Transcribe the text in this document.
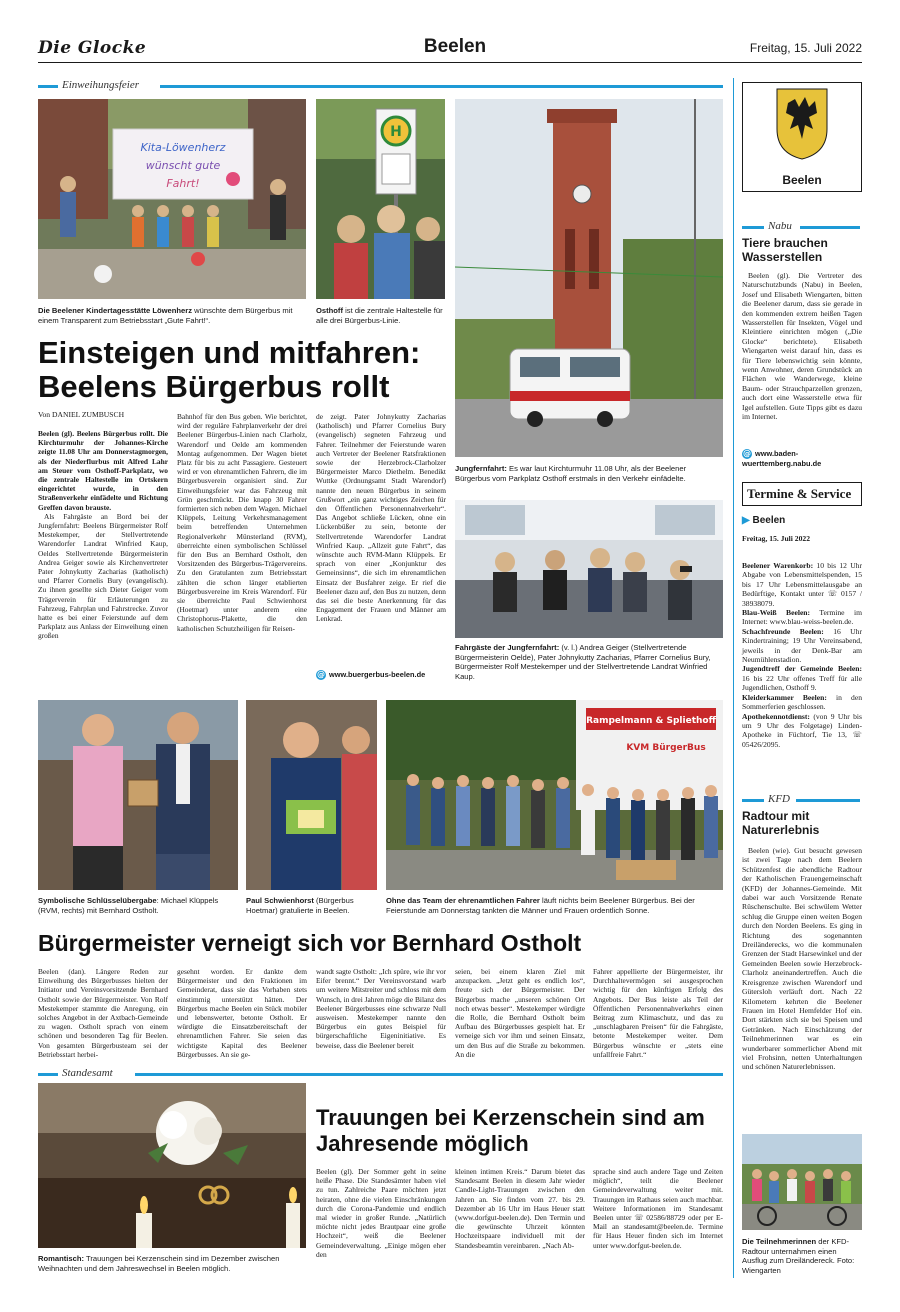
Die Glocke	Beelen	Freitag, 15. Juli 2022
Einweihungsfeier
Kita-Löwenherz
wünscht gute
Fahrt!
Die Beelener Kindertagesstätte Löwenherz wünschte dem Bürgerbus mit einem Transparent zum Betriebsstart „Gute Fahrt!“.
H
Osthoff ist die zentrale Haltestelle für alle drei Bürgerbus-Linie.
Jungfernfahrt: Es war laut Kirchturmuhr 11.08 Uhr, als der Beelener Bürgerbus vom Parkplatz Osthoff erstmals in den Verkehr einfädelte.
Fahrgäste der Jungfernfahrt: (v. l.) Andrea Geiger (Stellvertretende Bürgermeisterin Oelde), Pater Johnykutty Zacharias, Pfarrer Cornelius Bury, Bürgermeister Rolf Mestekemper und der Stellvertretende Landrat Winfried Kaup.
Einsteigen und mitfahren: Beelens Bürgerbus rollt
Von DANIEL ZUMBUSCH

Beelen (gl). Beelens Bürgerbus rollt. Die Kirchturmuhr der Johannes-Kirche zeigte 11.08 Uhr am Donnerstagmorgen, als der Niederflurbus mit Alfred Lahr am Steuer vom Osthoff-Parkplatz, wo die zentrale Haltestelle im Ortskern eingerichtet wurde, in den Straßenverkehr einfädelte und Richtung Greffen davon brauste.

Als Fahrgäste an Bord bei der Jungfernfahrt: Beelens Bürgermeister Rolf Mestekemper, der Stellvertretende Warendorfer Landrat Winfried Kaup, Oeldes Stellvertretende Bürgermeisterin Andrea Geiger sowie als Kirchenvertreter Pater Johnykutty Zacharias (katholisch) und Pfarrer Cornelis Bury (evangelisch). Zu ihnen gesellte sich Dieter Geiger vom Trägerverein für Erläuterungen zu Fahrzeug, Fahrplan und Fahrstrecke. Zuvor hatte es bei einer Feierstunde auf dem Parkplatz aus Anlass der Einweihung einen großen

Bahnhof für den Bus geben. Wie berichtet, wird der reguläre Fahrplanverkehr der drei Beelener Bürgerbus-Linien nach Clarholz, Warendorf und Oelde am kommenden Montag aufgenommen. Der Wagen bietet Platz für bis zu acht Passagiere. Gesteuert wird er von ehrenamtlichen Fahrern, die im Bürgerbusverein organisiert sind. Zur Einweihungsfeier war das Fahrzeug mit Grün geschmückt. Die knapp 30 Fahrer formierten sich neben dem Wagen. Michael Klüppels, Leitung Verkehrsmanagement beim betreffenden Unternehmen Regionalverkehr Münsterland (RVM), überreichte einen symbolischen Schlüssel für den Bus an Bernhard Ostholt, den Vorsitzenden des Bürgerbus-Trägervereins. Zu den Gratulanten zum Betriebsstart zählten die schon länger etablierten Bürgerbusvereine im Kreis Warendorf. Für sie überreichte Paul Schwienhorst (Hoetmar) unter anderem eine Christophorus-Plakette, die den katholischen Schutzheiligen für Reisen-

de zeigt. Pater Johnykutty Zacharias (katholisch) und Pfarrer Cornelius Bury (evangelisch) segneten Fahrzeug und Fahrer. Teilnehmer der Feierstunde waren auch Vertreter der Beelener Ratsfraktionen sowie der Herzebrock-Clarholzer Bürgermeister Marco Diethelm. Benedikt Wuttke (Ordnungsamt Stadt Warendorf) nannte den neuen Bürgerbus in seinem Grußwort „ein ganz wichtiges Zeichen für den Öffentlichen Personennahverkehr“. Das Angebot schließe Lücken, ohne ein Lückenbüßer zu sein, betonte der Stellvertretende Warendorfer Landrat Winfried Kaup. „Allzeit gute Fahrt“, das wünschte auch RVM-Mann Klüppels. Er sprach von einer „Konjunktur des Gemeinsinns“, die sich im ehrenamtlichen Einsatz der Busfahrer zeige. Er rief die Beelener dazu auf, den Bus zu nutzen, denn das sei die beste Anerkennung für das Engagement der Frauen und Männer am Lenkrad.

@ www.buergerbus-beelen.de
Rampelmann & Spliethoff
KVM BürgerBus
Symbolische Schlüsselübergabe: Michael Klüppels (RVM, rechts) mit Bernhard Ostholt.
Paul Schwienhorst (Bürgerbus Hoetmar) gratulierte in Beelen.
Ohne das Team der ehrenamtlichen Fahrer läuft nichts beim Beelener Bürgerbus. Bei der Feierstunde am Donnerstag tankten die Männer und Frauen ordentlich Sonne.
Bürgermeister verneigt sich vor Bernhard Ostholt

Beelen (dan). Längere Reden zur Einweihung des Bürgerbusses hielten der Initiator und Vereinsvorsitzende Bernhard Ostholt sowie der Bürgermeister. Von Rolf Mestekemper stammte die Anregung, ein solches Angebot in der Axtbach-Gemeinde zu wagen. Ostholt sprach von einem schönen und besonderen Tag für Beelen. Von gesamten Bürgerbusteam sei der Betriebsstart herbei-

gesehnt worden. Er dankte dem Bürgermeister und den Fraktionen im Gemeinderat, dass sie das Vorhaben stets einstimmig unterstützt hätten. Der Bürgerbus mache Beelen ein Stück mobiler und lebenswerter, betonte Ostholt. Er würdigte die Einsatzbereitschaft der ehrenamtlichen Fahrer. Sie seien das wichtigste Kapital des Beelener Bürgerbusses. An sie ge-

wandt sagte Ostholt: „Ich spüre, wie ihr vor Eifer brennt.“ Der Vereinsvorstand warb um weitere Mitstreiter und schloss mit dem Wunsch, in drei Jahren möge die Bilanz des Beelener Bürgerbusses eine schwarze Null ausweisen. Mestekemper nannte den Bürgerbus ein gutes Beispiel für bürgerschaftliche Eigeninitiative. Es beweise, dass die Beelener bereit

seien, bei einem klaren Ziel mit anzupacken. „Jetzt geht es endlich los“, freute sich der Bürgermeister. Der Bürgerbus mache „unseren schönen Ort noch etwas besser“. Mestekemper würdigte die Rolle, die Bernhard Ostholt beim Aufbau des Bürgerbusses gespielt hat. Er verneige sich vor ihm und seinen Einsatz, um den Bus auf die Straße zu bekommen. An die

Fahrer appellierte der Bürgermeister, ihr Durchhaltevermögen sei ausgesprochen wichtig für den künftigen Erfolg des Angebots. Der Bus leiste als Teil der Öffentlichen Personennahverkehrs einen Beitrag zum Klimaschutz, und das zu „unschlagbaren Preisen“ für die Fahrgäste, betonte Mestekemper weiter. Dem Bürgerbus wünschte er „stets eine unfallfreie Fahrt.“

Standesamt
Romantisch: Trauungen bei Kerzenschein sind im Dezember zwischen Weihnachten und dem Jahreswechsel in Beelen möglich.
Trauungen bei Kerzenschein sind am Jahresende möglich

Beelen (gl). Der Sommer geht in seine heiße Phase. Die Standesämter haben viel zu tun. Zahlreiche Paare möchten jetzt heiraten, ohne die vielen Einschränkungen durch die Corona-Pandemie und endlich mal wieder in großer Runde. „Natürlich möchte nicht jedes Brautpaar eine große Hochzeit“, weiß die Beelener Gemeindeverwaltung. „Einige mögen eher den

kleinen intimen Kreis.“ Darum bietet das Standesamt Beelen in diesem Jahr wieder Candle-Light-Trauungen zwischen den Jahren an. Sie finden vom 27. bis 29. Dezember ab 16 Uhr im Haus Heuer statt (www.dorfgut-beelen.de). Den Termin und die gewünschte Uhrzeit könnten Hochzeitspaare individuell mit der Standesbeamtin vereinbaren. „Nach Ab-

sprache sind auch andere Tage und Zeiten möglich“, teilt die Beelener Gemeindeverwaltung weiter mit. Trauungen im Rathaus seien auch machbar. Weitere Informationen im Standesamt Beelen unter ☏ 02586/88729 oder per E-Mail an standesamt@beelen.de. Termine für Haus Heuer finden sich im Internet unter www.dorfgut-beelen.de.

Beelen
Nabu
Tiere brauchen Wasserstellen

Beelen (gl). Die Vertreter des Naturschutzbunds (Nabu) in Beelen, Josef und Elisabeth Wiengarten, bitten die Beelener darum, dass sie gerade in den kommenden extrem heißen Tagen Wasserstellen für Insekten, Vögel und Kleintiere einrichten mögen („Die Glocke“ berichtete). Elisabeth Wiengarten weist darauf hin, dass es für Tiere lebenswichtig sein könnte, wenn Anwohner, deren Grundstück an Flächen wie Wanderwege, kleine Baum- oder Strauchparzellen grenzen, auch dort eine Wasserstelle etwa für Igel aufstellen. Gute Tipps gibt es dazu im Internet.

@ www.baden-wuerttemberg.nabu.de
Termine & Service
▶ Beelen
Freitag, 15. Juli 2022

Beelener Warenkorb: 10 bis 12 Uhr Abgabe von Lebensmittelspenden, 15 bis 17 Uhr Lebensmittelausgabe an Bedürftige, Kontakt unter ☏ 0157 / 38938079.

Blau-Weiß Beelen: Termine im Internet: www.blau-weiss-beelen.de.

Schachfreunde Beelen: 16 Uhr Kindertraining; 19 Uhr Vereinsabend, jeweils in der Denk-Bar am Neumühlenstadion.

Jugendtreff der Gemeinde Beelen: 16 bis 22 Uhr offenes Treff für alle Jugendlichen, Osthoff 9.

Kleiderkammer Beelen: in den Sommerferien geschlossen.

Apothekennotdienst: (von 9 Uhr bis um 9 Uhr des Folgetage) Linden-Apotheke in Füchtorf, Tie 13, ☏ 05426/2095.

KFD
Radtour mit Naturerlebnis

Beelen (wie). Gut besucht gewesen ist zwei Tage nach dem Beelern Schützenfest die abendliche Radtour der Katholischen Frauengemeinschaft (KFD) der Johannes-Gemeinde. Mit dabei war auch Vorsitzende Renate Rüschenschulte. Bei schwülem Wetter schlug die Gruppe einen weiten Bogen durch den Norden Beelens. Es ging in Richtung des sogenannten Dreiländerecks, wo die kommunalen Grenzen der Stadt Harsewinkel und der Gemeinden Beelen sowie Herzebrock-Clarholz aneinandertreffen. Auch die Kreisgrenze zwischen Warendorf und Gütersloh verläuft dort. Nach 22 Kilometern kehrten die Beelener Frauen im Hotel Hemfelder Hof ein. Dort stärkten sich sie bei Speisen und Getränken. Nach Einschätzung der Teilnehmerinnen war es ein wunderbarer sommerlicher Abend mit viel Frohsinn, netten Unterhaltungen und schönen Naturerlebnissen.

Die Teilnehmerinnen der KFD-Radtour unternahmen einen Ausflug zum Dreiländereck. Foto: Wiengarten
